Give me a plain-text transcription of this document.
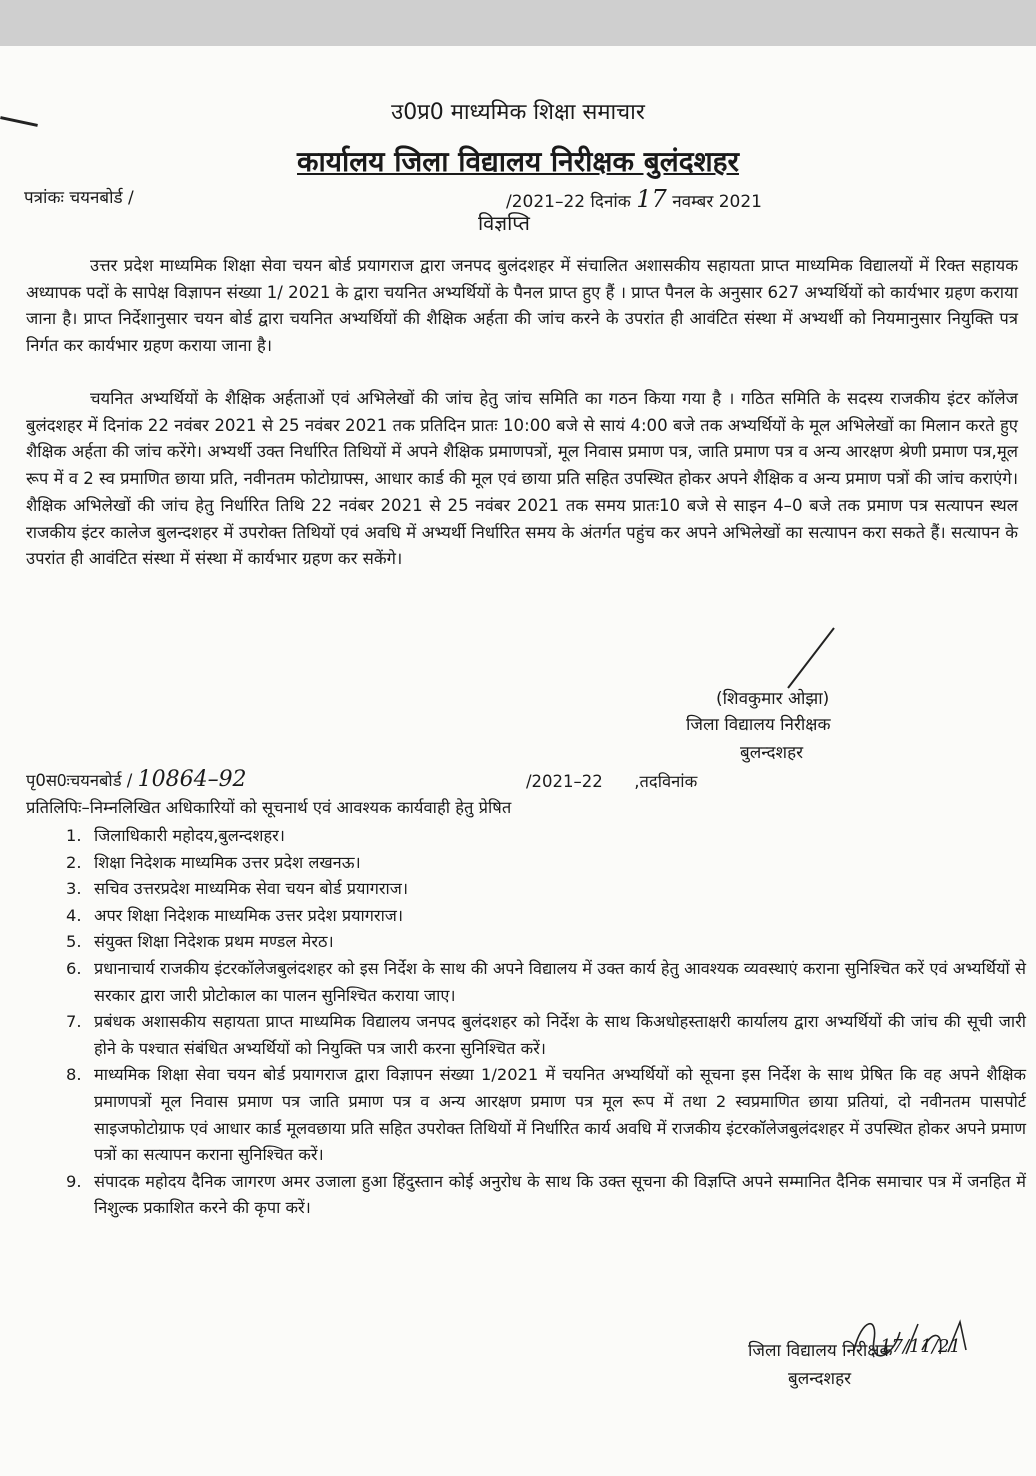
उ0प्र0 माध्यमिक शिक्षा समाचार
कार्यालय जिला विद्यालय निरीक्षक बुलंदशहर
पत्रांकः चयनबोर्ड /	/2021–22 दिनांक 17 नवम्बर 2021
विज्ञप्ति

उत्तर प्रदेश माध्यमिक शिक्षा सेवा चयन बोर्ड प्रयागराज द्वारा जनपद बुलंदशहर में संचालित अशासकीय सहायता प्राप्त माध्यमिक विद्यालयों में रिक्त सहायक अध्यापक पदों के सापेक्ष विज्ञापन संख्या 1/ 2021 के द्वारा चयनित अभ्यर्थियों के पैनल प्राप्त हुए हैं । प्राप्त पैनल के अनुसार 627 अभ्यर्थियों को कार्यभार ग्रहण कराया जाना है। प्राप्त निर्देशानुसार चयन बोर्ड द्वारा चयनित अभ्यर्थियों की शैक्षिक अर्हता की जांच करने के उपरांत ही आवंटित संस्था में अभ्यर्थी को नियमानुसार नियुक्ति पत्र निर्गत कर कार्यभार ग्रहण कराया जाना है।

चयनित अभ्यर्थियों के शैक्षिक अर्हताओं एवं अभिलेखों की जांच हेतु जांच समिति का गठन किया गया है । गठित समिति के सदस्य राजकीय इंटर कॉलेज बुलंदशहर में दिनांक 22 नवंबर 2021 से 25 नवंबर 2021 तक प्रतिदिन प्रातः 10:00 बजे से सायं 4:00 बजे तक अभ्यर्थियों के मूल अभिलेखों का मिलान करते हुए शैक्षिक अर्हता की जांच करेंगे। अभ्यर्थी उक्त निर्धारित तिथियों में अपने शैक्षिक प्रमाणपत्रों, मूल निवास प्रमाण पत्र, जाति प्रमाण पत्र व अन्य आरक्षण श्रेणी प्रमाण पत्र,मूल रूप में व 2 स्व प्रमाणित छाया प्रति, नवीनतम फोटोग्राफ्स, आधार कार्ड की मूल एवं छाया प्रति सहित उपस्थित होकर अपने शैक्षिक व अन्य प्रमाण पत्रों की जांच कराएंगे। शैक्षिक अभिलेखों की जांच हेतु निर्धारित तिथि 22 नवंबर 2021 से 25 नवंबर 2021 तक समय प्रातः10 बजे से साइन 4–0 बजे तक प्रमाण पत्र सत्यापन स्थल राजकीय इंटर कालेज बुलन्दशहर में उपरोक्त तिथियों एवं अवधि में अभ्यर्थी निर्धारित समय के अंतर्गत पहुंच कर अपने अभिलेखों का सत्यापन करा सकते हैं। सत्यापन के उपरांत ही आवंटित संस्था में संस्था में कार्यभार ग्रहण कर सकेंगे।

(शिवकुमार ओझा)
जिला विद्यालय निरीक्षक
बुलन्दशहर
पृ0स0ःचयनबोर्ड / 10864–92	/2021–22 ,तदविनांक
प्रतिलिपिः–निम्नलिखित अधिकारियों को सूचनार्थ एवं आवश्यक कार्यवाही हेतु प्रेषित
1. जिलाधिकारी महोदय,बुलन्दशहर।
2. शिक्षा निदेशक माध्यमिक उत्तर प्रदेश लखनऊ।
3. सचिव उत्तरप्रदेश माध्यमिक सेवा चयन बोर्ड प्रयागराज।
4. अपर शिक्षा निदेशक माध्यमिक उत्तर प्रदेश प्रयागराज।
5. संयुक्त शिक्षा निदेशक प्रथम मण्डल मेरठ।
6. प्रधानाचार्य राजकीय इंटरकॉलेजबुलंदशहर को इस निर्देश के साथ की अपने विद्यालय में उक्त कार्य हेतु आवश्यक व्यवस्थाएं कराना सुनिश्चित करें एवं अभ्यर्थियों से सरकार द्वारा जारी प्रोटोकाल का पालन सुनिश्चित कराया जाए।
7. प्रबंधक अशासकीय सहायता प्राप्त माध्यमिक विद्यालय जनपद बुलंदशहर को निर्देश के साथ किअधोहस्ताक्षरी कार्यालय द्वारा अभ्यर्थियों की जांच की सूची जारी होने के पश्चात संबंधित अभ्यर्थियों को नियुक्ति पत्र जारी करना सुनिश्चित करें।
8. माध्यमिक शिक्षा सेवा चयन बोर्ड प्रयागराज द्वारा विज्ञापन संख्या 1/2021 में चयनित अभ्यर्थियों को सूचना इस निर्देश के साथ प्रेषित कि वह अपने शैक्षिक प्रमाणपत्रों मूल निवास प्रमाण पत्र जाति प्रमाण पत्र व अन्य आरक्षण प्रमाण पत्र मूल रूप में तथा 2 स्वप्रमाणित छाया प्रतियां, दो नवीनतम पासपोर्ट साइजफोटोग्राफ एवं आधार कार्ड मूलवछाया प्रति सहित उपरोक्त तिथियों में निर्धारित कार्य अवधि में राजकीय इंटरकॉलेजबुलंदशहर में उपस्थित होकर अपने प्रमाण पत्रों का सत्यापन कराना सुनिश्चित करें।
9. संपादक महोदय दैनिक जागरण अमर उजाला हुआ हिंदुस्तान कोई अनुरोध के साथ कि उक्त सूचना की विज्ञप्ति अपने सम्मानित दैनिक समाचार पत्र में जनहित में निशुल्क प्रकाशित करने की कृपा करें।
जिला विद्यालय निरीक्षक
बुलन्दशहर
17/11/21
